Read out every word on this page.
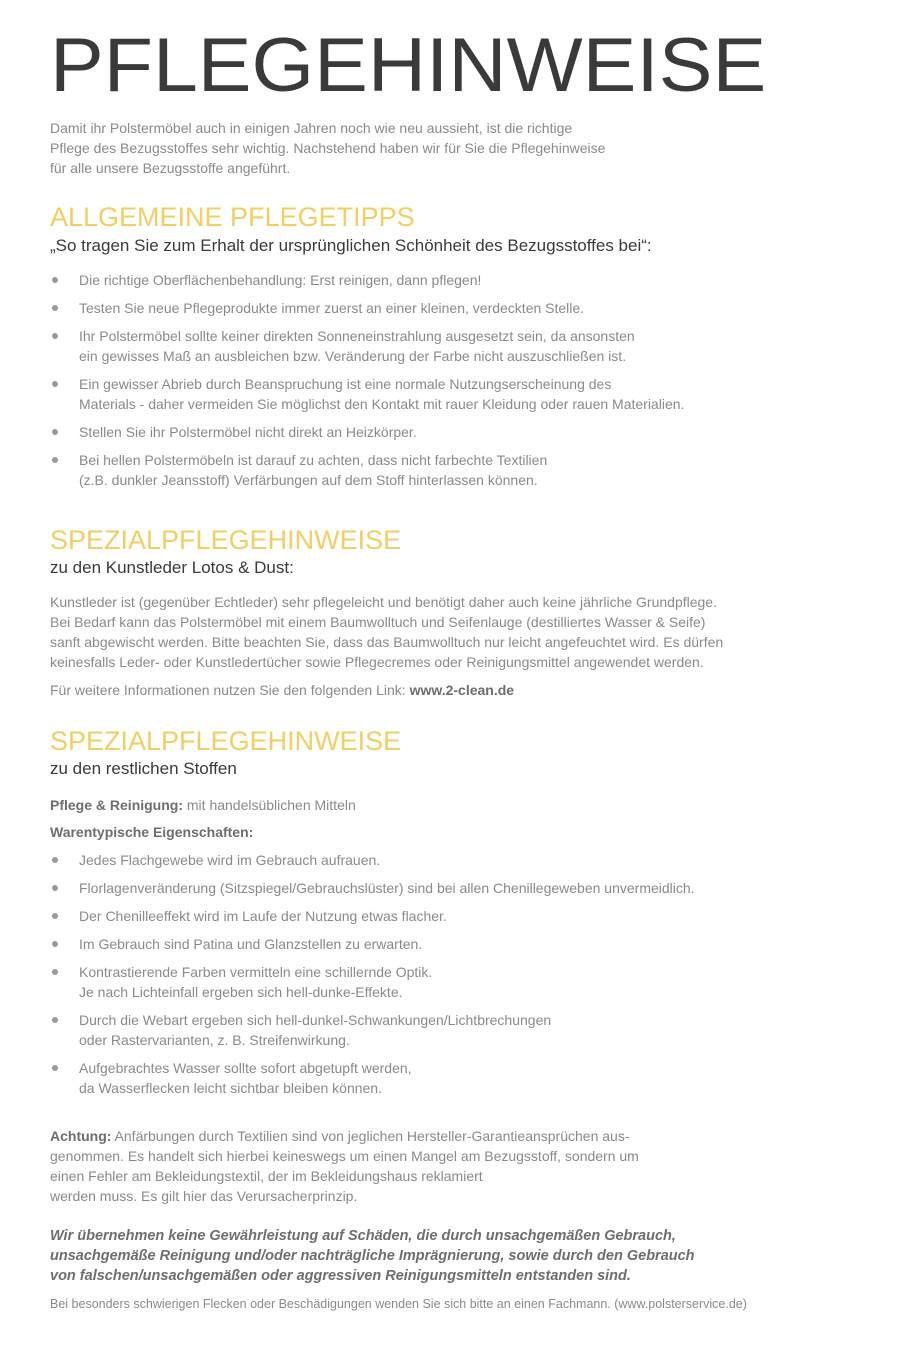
PFLEGEHINWEISE
Damit ihr Polstermöbel auch in einigen Jahren noch wie neu aussieht, ist die richtige
Pflege des Bezugsstoffes sehr wichtig. Nachstehend haben wir für Sie die Pflegehinweise
für alle unsere Bezugsstoffe angeführt.
ALLGEMEINE PFLEGETIPPS
„So tragen Sie zum Erhalt der ursprünglichen Schönheit des Bezugsstoffes bei“:
Die richtige Oberflächenbehandlung: Erst reinigen, dann pflegen!
Testen Sie neue Pflegeprodukte immer zuerst an einer kleinen, verdeckten Stelle.
Ihr Polstermöbel sollte keiner direkten Sonneneinstrahlung ausgesetzt sein, da ansonsten
ein gewisses Maß an ausbleichen bzw. Veränderung der Farbe nicht auszuschließen ist.
Ein gewisser Abrieb durch Beanspruchung ist eine normale Nutzungserscheinung des
Materials - daher vermeiden Sie möglichst den Kontakt mit rauer Kleidung oder rauen Materialien.
Stellen Sie ihr Polstermöbel nicht direkt an Heizkörper.
Bei hellen Polstermöbeln ist darauf zu achten, dass nicht farbechte Textilien
(z.B. dunkler Jeansstoff) Verfärbungen auf dem Stoff hinterlassen können.
SPEZIALPFLEGEHINWEISE
zu den Kunstleder Lotos & Dust:

Kunstleder ist (gegenüber Echtleder) sehr pflegeleicht und benötigt daher auch keine jährliche Grundpflege.

Bei Bedarf kann das Polstermöbel mit einem Baumwolltuch und Seifenlauge (destilliertes Wasser & Seife)

sanft abgewischt werden. Bitte beachten Sie, dass das Baumwolltuch nur leicht angefeuchtet wird. Es dürfen

keinesfalls Leder- oder Kunstledertücher sowie Pflegecremes oder Reinigungsmittel angewendet werden.

Für weitere Informationen nutzen Sie den folgenden Link: www.2-clean.de

SPEZIALPFLEGEHINWEISE
zu den restlichen Stoffen

Pflege & Reinigung: mit handelsüblichen Mitteln

Warentypische Eigenschaften:

Jedes Flachgewebe wird im Gebrauch aufrauen.
Florlagenveränderung (Sitzspiegel/Gebrauchslüster) sind bei allen Chenillegeweben unvermeidlich.
Der Chenilleeffekt wird im Laufe der Nutzung etwas flacher.
Im Gebrauch sind Patina und Glanzstellen zu erwarten.
Kontrastierende Farben vermitteln eine schillernde Optik.
Je nach Lichteinfall ergeben sich hell-dunke-Effekte.
Durch die Webart ergeben sich hell-dunkel-Schwankungen/Lichtbrechungen
oder Rastervarianten, z. B. Streifenwirkung.
Aufgebrachtes Wasser sollte sofort abgetupft werden,
da Wasserflecken leicht sichtbar bleiben können.

Achtung: Anfärbungen durch Textilien sind von jeglichen Hersteller-Garantieansprüchen aus-

genommen. Es handelt sich hierbei keineswegs um einen Mangel am Bezugsstoff, sondern um

einen Fehler am Bekleidungstextil, der im Bekleidungshaus reklamiert

werden muss. Es gilt hier das Verursacherprinzip.

Wir übernehmen keine Gewährleistung auf Schäden, die durch unsachgemäßen Gebrauch,
unsachgemäße Reinigung und/oder nachträgliche Imprägnierung, sowie durch den Gebrauch
von falschen/unsachgemäßen oder aggressiven Reinigungsmitteln entstanden sind.
Bei besonders schwierigen Flecken oder Beschädigungen wenden Sie sich bitte an einen Fachmann. (www.polsterservice.de)
